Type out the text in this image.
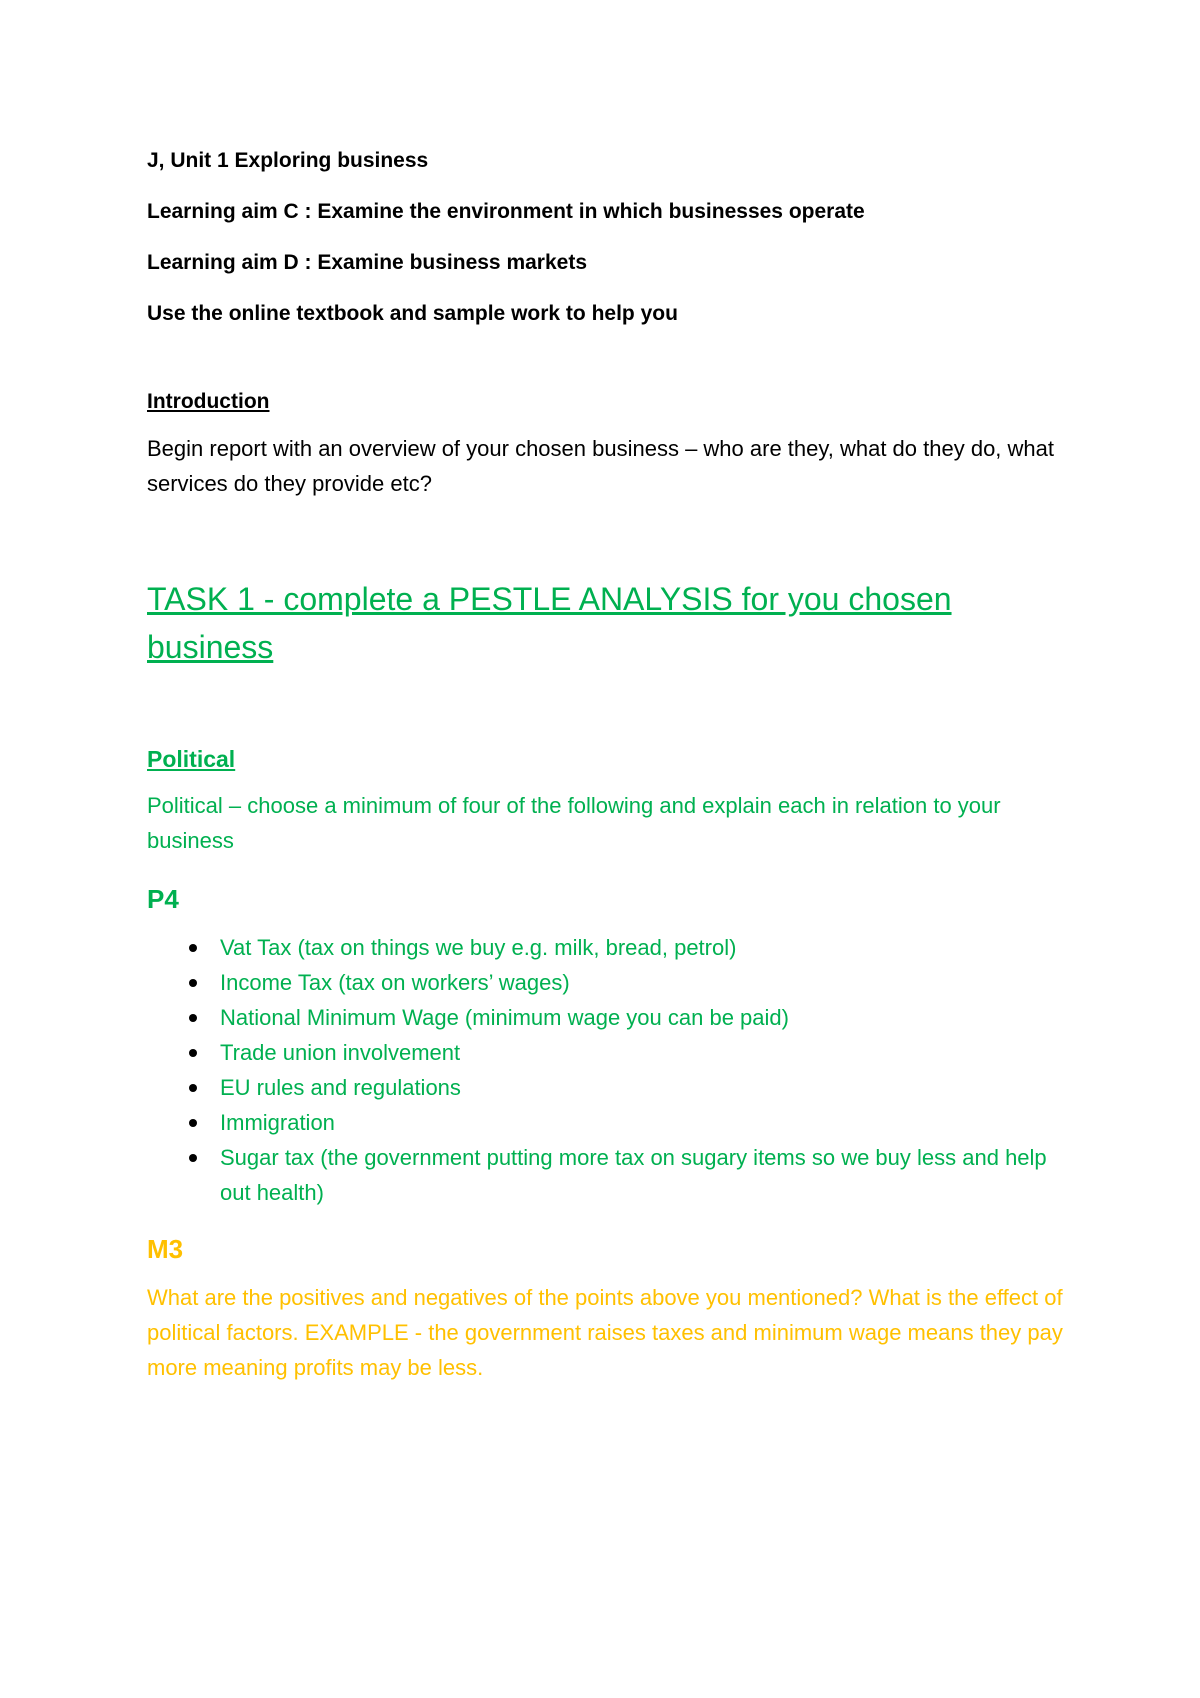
J, Unit 1 Exploring business
Learning aim C : Examine the environment in which businesses operate
Learning aim D : Examine business markets
Use the online textbook and sample work to help you
Introduction

Begin report with an overview of your chosen business – who are they, what do they do, what services do they provide etc?

TASK 1 - complete a PESTLE ANALYSIS for you chosen business
Political

Political – choose a minimum of four of the following and explain each in relation to your business

P4
Vat Tax (tax on things we buy e.g. milk, bread, petrol)
Income Tax (tax on workers’ wages)
National Minimum Wage (minimum wage you can be paid)
Trade union involvement
EU rules and regulations
Immigration
Sugar tax (the government putting more tax on sugary items so we buy less and help out health)
M3

What are the positives and negatives of the points above you mentioned? What is the effect of political factors. EXAMPLE - the government raises taxes and minimum wage means they pay more meaning profits may be less.
